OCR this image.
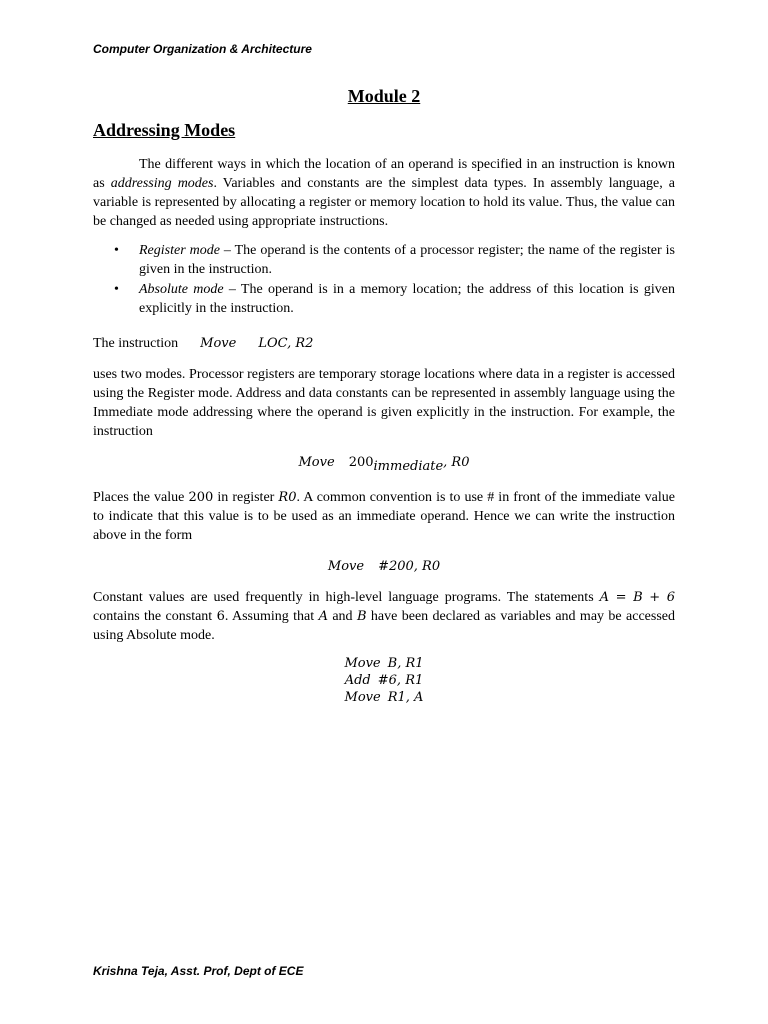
Computer Organization & Architecture
Module 2
Addressing Modes

The different ways in which the location of an operand is specified in an instruction is known as addressing modes. Variables and constants are the simplest data types. In assembly language, a variable is represented by allocating a register or memory location to hold its value. Thus, the value can be changed as needed using appropriate instructions.

• Register mode – The operand is the contents of a processor register; the name of the register is given in the instruction.
• Absolute mode – The operand is in a memory location; the address of this location is given explicitly in the instruction.

The instruction Move LOC, R2

uses two modes. Processor registers are temporary storage locations where data in a register is accessed using the Register mode. Address and data constants can be represented in assembly language using the Immediate mode addressing where the operand is given explicitly in the instruction. For example, the instruction

Move $200_{immediate}$, R0

Places the value 200 in register R0. A common convention is to use # in front of the immediate value to indicate that this value is to be used as an immediate operand. Hence we can write the instruction above in the form

Move #200, R0

Constant values are used frequently in high-level language programs. The statements A = B + 6 contains the constant 6. Assuming that A and B have been declared as variables and may be accessed using Absolute mode.

Move B, R1
Add #6, R1
Move R1, A
Krishna Teja, Asst. Prof, Dept of ECE
